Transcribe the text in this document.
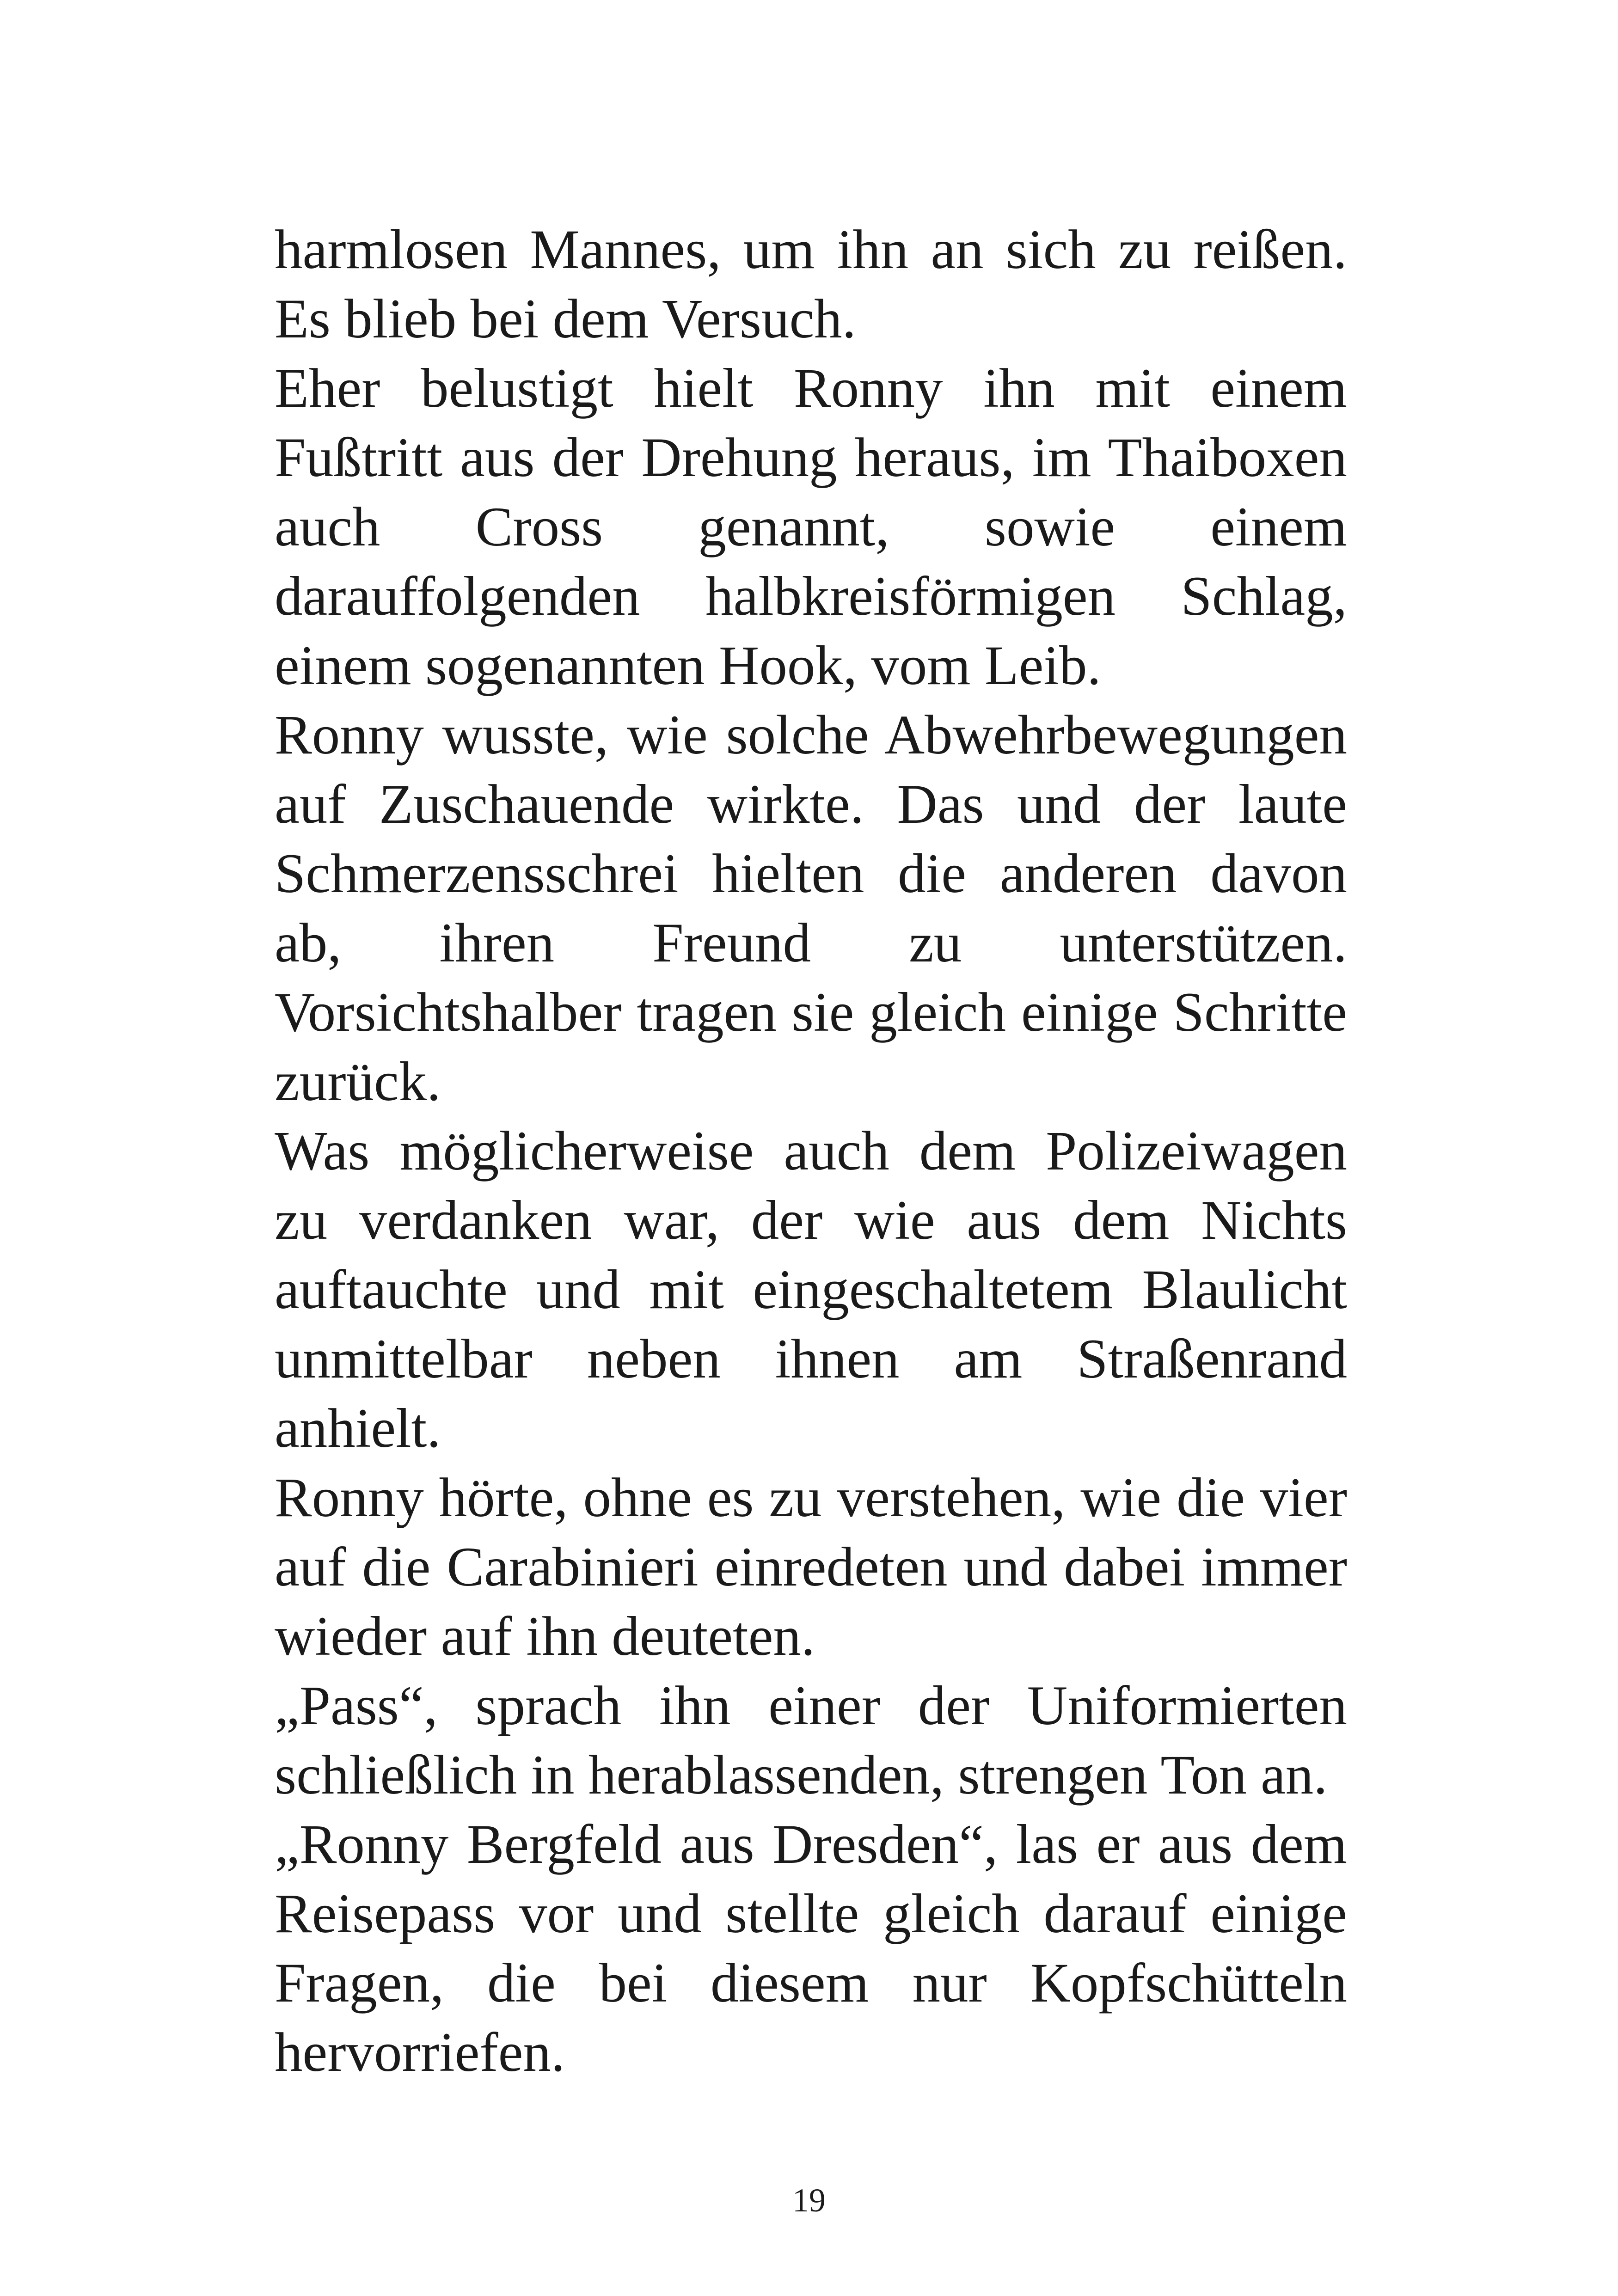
harmlosen Mannes, um ihn an sich zu reißen. Es blieb bei dem Versuch.

Eher belustigt hielt Ronny ihn mit einem Fußtritt aus der Drehung heraus, im Thaiboxen auch Cross genannt, sowie einem darauffolgenden halbkreisförmigen Schlag, einem sogenannten Hook, vom Leib.

Ronny wusste, wie solche Abwehrbewegungen auf Zuschauende wirkte. Das und der laute Schmerzensschrei hielten die anderen davon ab, ihren Freund zu unterstützen. Vorsichtshalber tragen sie gleich einige Schritte zurück.

Was möglicherweise auch dem Polizeiwagen zu verdanken war, der wie aus dem Nichts auftauchte und mit eingeschaltetem Blaulicht unmittelbar neben ihnen am Straßenrand anhielt.

Ronny hörte, ohne es zu verstehen, wie die vier auf die Carabinieri einredeten und dabei immer wieder auf ihn deuteten.

„Pass“, sprach ihn einer der Uniformierten schließlich in herablassenden, strengen Ton an.

„Ronny Bergfeld aus Dresden“, las er aus dem Reisepass vor und stellte gleich darauf einige Fragen, die bei diesem nur Kopfschütteln hervorriefen.

19
